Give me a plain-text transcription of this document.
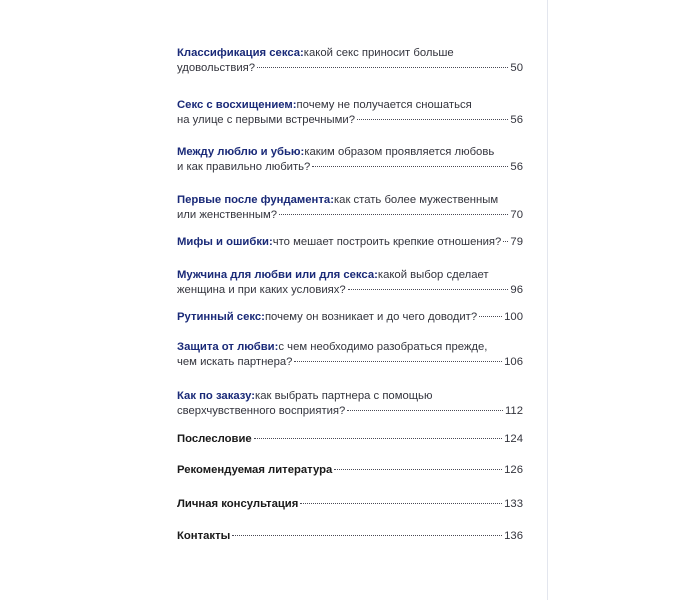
Классификация секса: какой секс приносит больше
удовольствия?	50
Секс с восхищением: почему не получается сношаться
на улице с первыми встречными?	56
Между люблю и убью: каким образом проявляется любовь
и как правильно любить?	56
Первые после фундамента: как стать более мужественным
или женственным?	70
Мифы и ошибки: что мешает построить крепкие отношения? 79
Мужчина для любви или для секса: какой выбор сделает
женщина и при каких условиях?	96
Рутинный секс: почему он возникает и до чего доводит? 100
Защита от любви: с чем необходимо разобраться прежде,
чем искать партнера?	106
Как по заказу: как выбрать партнера с помощью
сверхчувственного восприятия?	112
Послесловие	124
Рекомендуемая литература	126
Личная консультация	133
Контакты	136
